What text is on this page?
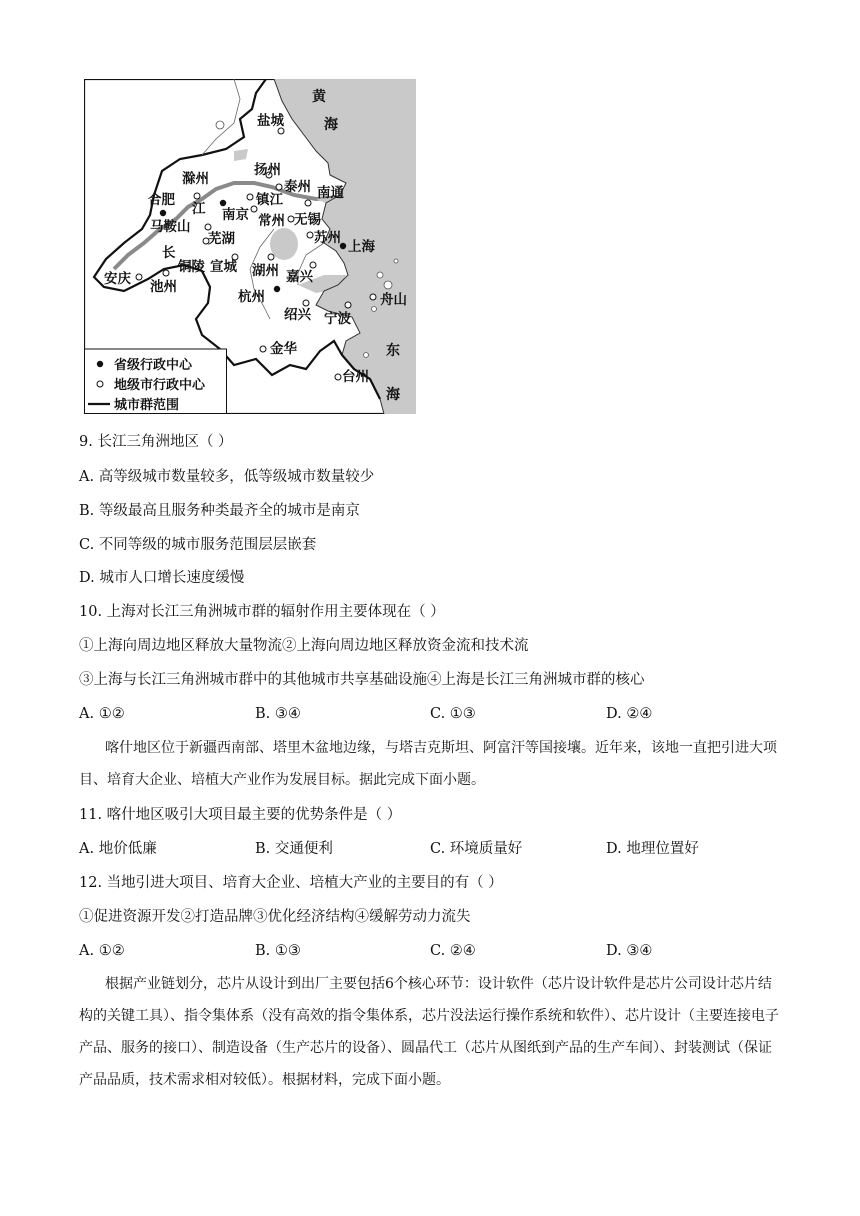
黄
海
东
海
盐城
扬州
滁州	泰州 南通
合肥	镇江
江 南京 常州 无锡
马鞍山
苏州
上海
芜湖
长
铜陵 宣城 湖州 嘉兴
安庆 池州
杭州	舟山
绍兴 宁波
金华
台州
省级行政中心
地级市行政中心
城市群范围
9. 长江三角洲地区（ ）
A. 高等级城市数量较多，低等级城市数量较少
B. 等级最高且服务种类最齐全的城市是南京
C. 不同等级的城市服务范围层层嵌套
D. 城市人口增长速度缓慢
10. 上海对长江三角洲城市群的辐射作用主要体现在（ ）
①上海向周边地区释放大量物流②上海向周边地区释放资金流和技术流
③上海与长江三角洲城市群中的其他城市共享基础设施④上海是长江三角洲城市群的核心
A. ①②	B. ③④	C. ①③	D. ②④
喀什地区位于新疆西南部、塔里木盆地边缘，与塔吉克斯坦、阿富汗等国接壤。近年来，该地一直把引进大项目、培育大企业、培植大产业作为发展目标。据此完成下面小题。
11. 喀什地区吸引大项目最主要的优势条件是（ ）
A. 地价低廉	B. 交通便利	C. 环境质量好	D. 地理位置好
12. 当地引进大项目、培育大企业、培植大产业的主要目的有（ ）
①促进资源开发②打造品牌③优化经济结构④缓解劳动力流失
A. ①②	B. ①③	C. ②④	D. ③④
根据产业链划分，芯片从设计到出厂主要包括6个核心环节：设计软件（芯片设计软件是芯片公司设计芯片结构的关键工具）、指令集体系（没有高效的指令集体系，芯片没法运行操作系统和软件）、芯片设计（主要连接电子产品、服务的接口）、制造设备（生产芯片的设备）、圆晶代工（芯片从图纸到产品的生产车间）、封装测试（保证产品品质，技术需求相对较低）。根据材料，完成下面小题。
